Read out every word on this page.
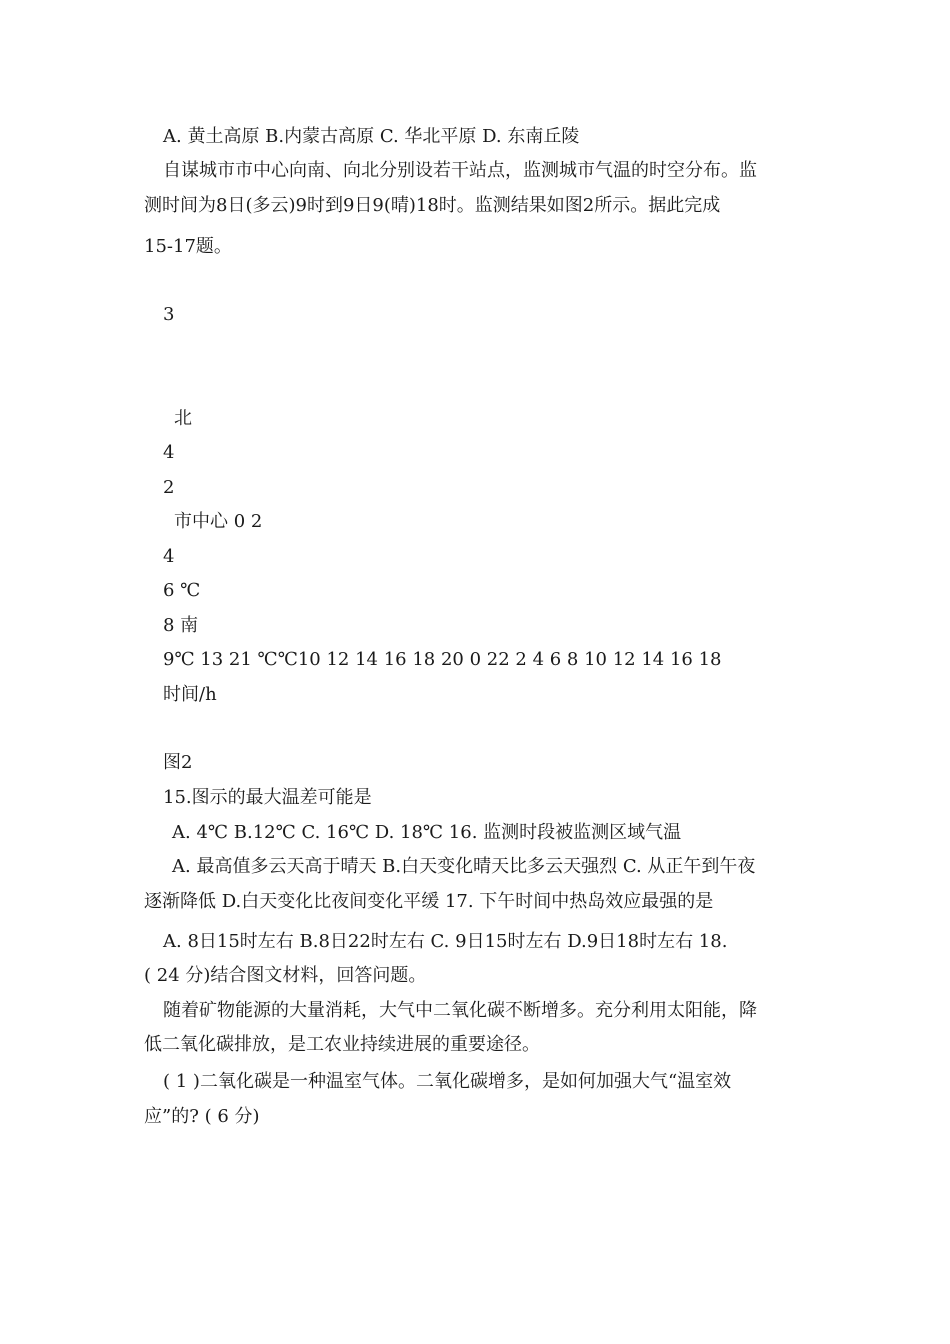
A. 黄土高原 B.内蒙古高原 C. 华北平原 D. 东南丘陵

自谋城市市中心向南、向北分别设若干站点，监测城市气温的时空分布。监

测时间为8日(多云)9时到9日9(晴)18时。监测结果如图2所示。据此完成

15-17题。

3

北

4

2

市中心 0 2

4

6 ℃

8 南

9℃ 13 21 ℃℃10 12 14 16 18 20 0 22 2 4 6 8 10 12 14 16 18

时间/h

图2

15.图示的最大温差可能是

A. 4℃ B.12℃ C. 16℃ D. 18℃ 16. 监测时段被监测区域气温

A. 最高值多云天高于晴天 B.白天变化晴天比多云天强烈 C. 从正午到午夜

逐渐降低 D.白天变化比夜间变化平缓 17. 下午时间中热岛效应最强的是

A. 8日15时左右 B.8日22时左右 C. 9日15时左右 D.9日18时左右 18.

( 24 分)结合图文材料，回答问题。

随着矿物能源的大量消耗，大气中二氧化碳不断增多。充分利用太阳能，降

低二氧化碳排放，是工农业持续进展的重要途径。

( 1 )二氧化碳是一种温室气体。二氧化碳增多，是如何加强大气“温室效

应”的? ( 6 分)
